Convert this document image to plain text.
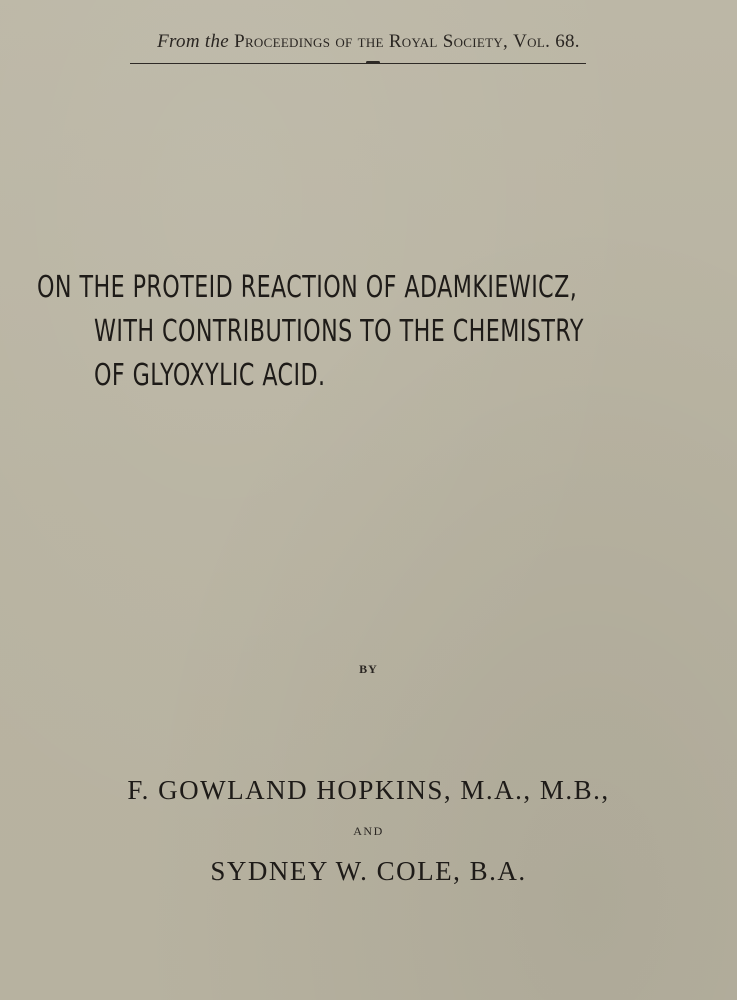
From the Proceedings of the Royal Society, Vol. 68.
ON THE PROTEID REACTION OF ADAMKIEWICZ,
WITH CONTRIBUTIONS TO THE CHEMISTRY
OF GLYOXYLIC ACID.
BY
F. GOWLAND HOPKINS, M.A., M.B.,
AND
SYDNEY W. COLE, B.A.
